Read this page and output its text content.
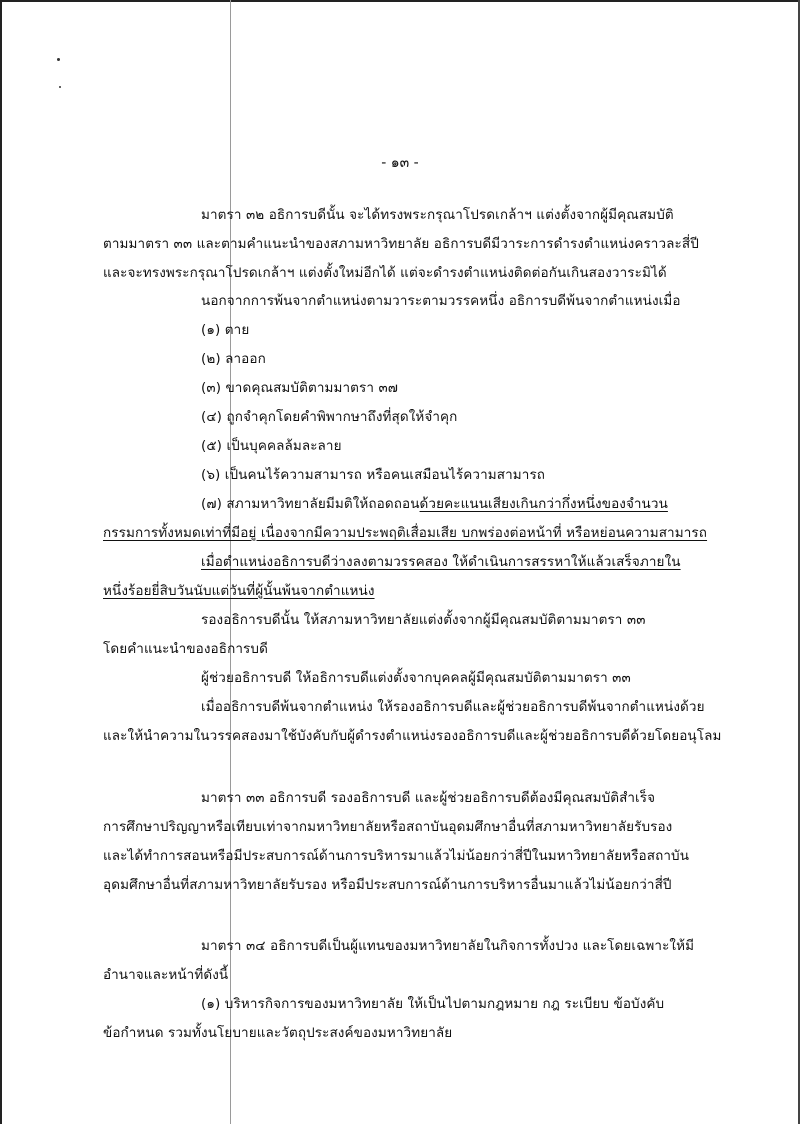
- ๑๓ -
มาตรา ๓๒ อธิการบดีนั้น จะได้ทรงพระกรุณาโปรดเกล้าฯ แต่งตั้งจากผู้มีคุณสมบัติ
ตามมาตรา ๓๓ และตามคำแนะนำของสภามหาวิทยาลัย อธิการบดีมีวาระการดำรงตำแหน่งคราวละสี่ปี
และจะทรงพระกรุณาโปรดเกล้าฯ แต่งตั้งใหม่อีกได้ แต่จะดำรงตำแหน่งติดต่อกันเกินสองวาระมิได้
นอกจากการพ้นจากตำแหน่งตามวาระตามวรรคหนึ่ง อธิการบดีพ้นจากตำแหน่งเมื่อ
(๑) ตาย
(๒) ลาออก
(๓) ขาดคุณสมบัติตามมาตรา ๓๗
(๔) ถูกจำคุกโดยคำพิพากษาถึงที่สุดให้จำคุก
(๕) เป็นบุคคลล้มละลาย
(๖) เป็นคนไร้ความสามารถ หรือคนเสมือนไร้ความสามารถ
(๗) สภามหาวิทยาลัยมีมติให้ถอดถอนด้วยคะแนนเสียงเกินกว่ากึ่งหนึ่งของจำนวน
กรรมการทั้งหมดเท่าที่มีอยู่ เนื่องจากมีความประพฤติเสื่อมเสีย บกพร่องต่อหน้าที่ หรือหย่อนความสามารถ
เมื่อตำแหน่งอธิการบดีว่างลงตามวรรคสอง ให้ดำเนินการสรรหาให้แล้วเสร็จภายใน
หนึ่งร้อยยี่สิบวันนับแต่วันที่ผู้นั้นพ้นจากตำแหน่ง
รองอธิการบดีนั้น ให้สภามหาวิทยาลัยแต่งตั้งจากผู้มีคุณสมบัติตามมาตรา ๓๓
โดยคำแนะนำของอธิการบดี
ผู้ช่วยอธิการบดี ให้อธิการบดีแต่งตั้งจากบุคคลผู้มีคุณสมบัติตามมาตรา ๓๓
เมื่ออธิการบดีพ้นจากตำแหน่ง ให้รองอธิการบดีและผู้ช่วยอธิการบดีพ้นจากตำแหน่งด้วย
และให้นำความในวรรคสองมาใช้บังคับกับผู้ดำรงตำแหน่งรองอธิการบดีและผู้ช่วยอธิการบดีด้วยโดยอนุโลม
มาตรา ๓๓ อธิการบดี รองอธิการบดี และผู้ช่วยอธิการบดีต้องมีคุณสมบัติสำเร็จ
การศึกษาปริญญาหรือเทียบเท่าจากมหาวิทยาลัยหรือสถาบันอุดมศึกษาอื่นที่สภามหาวิทยาลัยรับรอง
และได้ทำการสอนหรือมีประสบการณ์ด้านการบริหารมาแล้วไม่น้อยกว่าสี่ปีในมหาวิทยาลัยหรือสถาบัน
อุดมศึกษาอื่นที่สภามหาวิทยาลัยรับรอง หรือมีประสบการณ์ด้านการบริหารอื่นมาแล้วไม่น้อยกว่าสี่ปี
มาตรา ๓๔ อธิการบดีเป็นผู้แทนของมหาวิทยาลัยในกิจการทั้งปวง และโดยเฉพาะให้มี
อำนาจและหน้าที่ดังนี้
(๑) บริหารกิจการของมหาวิทยาลัย ให้เป็นไปตามกฎหมาย กฎ ระเบียบ ข้อบังคับ
ข้อกำหนด รวมทั้งนโยบายและวัตถุประสงค์ของมหาวิทยาลัย
